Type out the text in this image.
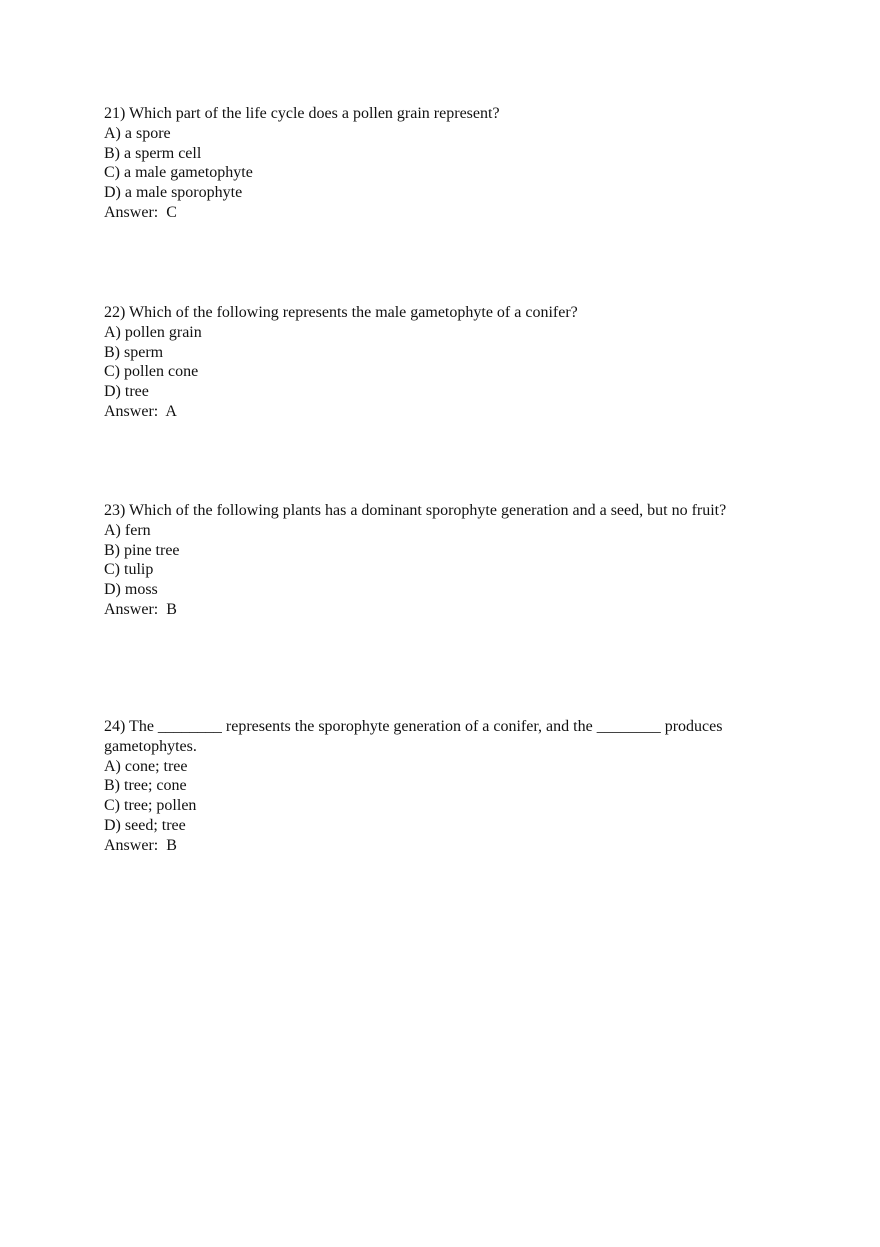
21) Which part of the life cycle does a pollen grain represent?
A) a spore
B) a sperm cell
C) a male gametophyte
D) a male sporophyte
Answer:  C
22) Which of the following represents the male gametophyte of a conifer?
A) pollen grain
B) sperm
C) pollen cone
D) tree
Answer:  A
23) Which of the following plants has a dominant sporophyte generation and a seed, but no fruit?
A) fern
B) pine tree
C) tulip
D) moss
Answer:  B
24) The ________ represents the sporophyte generation of a conifer, and the ________ produces gametophytes.
A) cone; tree
B) tree; cone
C) tree; pollen
D) seed; tree
Answer:  B
